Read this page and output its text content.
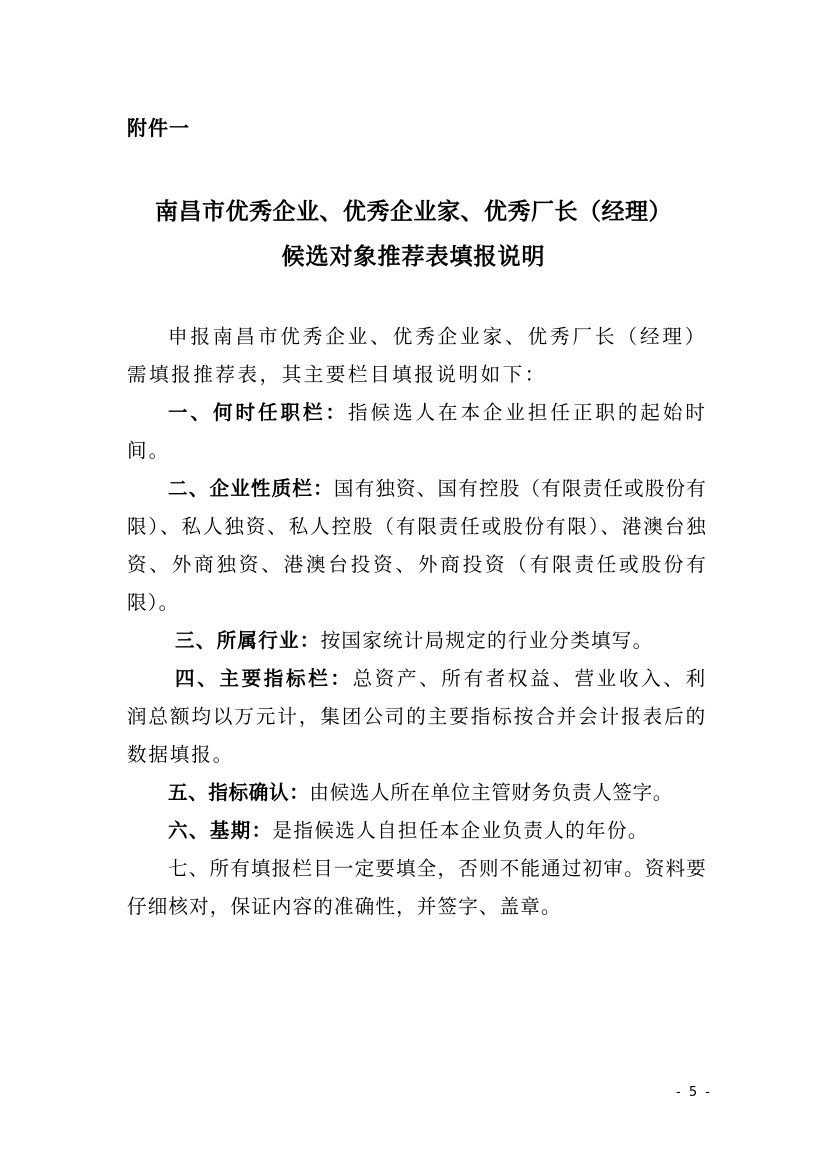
附件一
南昌市优秀企业、优秀企业家、优秀厂长（经理）
候选对象推荐表填报说明

申报南昌市优秀企业、优秀企业家、优秀厂长（经理）需填报推荐表，其主要栏目填报说明如下：

一、何时任职栏：指候选人在本企业担任正职的起始时间。

二、企业性质栏：国有独资、国有控股（有限责任或股份有限）、私人独资、私人控股（有限责任或股份有限）、港澳台独资、外商独资、港澳台投资、外商投资（有限责任或股份有限）。

三、所属行业：按国家统计局规定的行业分类填写。

四、主要指标栏：总资产、所有者权益、营业收入、利润总额均以万元计，集团公司的主要指标按合并会计报表后的数据填报。

五、指标确认：由候选人所在单位主管财务负责人签字。

六、基期：是指候选人自担任本企业负责人的年份。

七、所有填报栏目一定要填全，否则不能通过初审。资料要仔细核对，保证内容的准确性，并签字、盖章。

- 5 -
